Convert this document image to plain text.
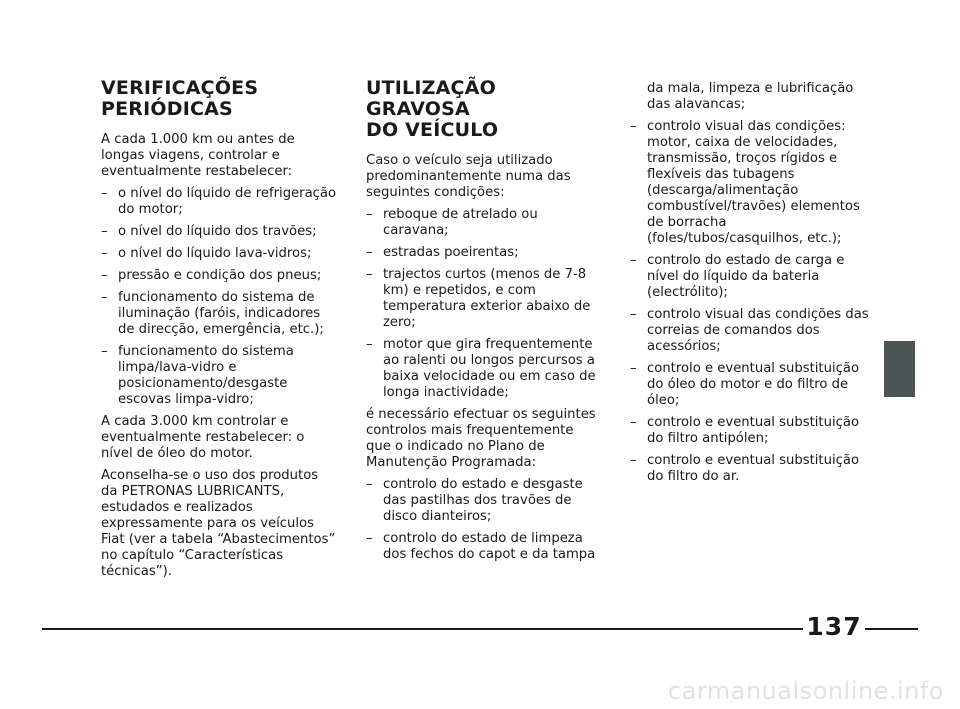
VERIFICAÇÕES
PERIÓDICAS

A cada 1.000 km ou antes de longas viagens, controlar e eventualmente restabelecer:

– o nível do líquido de refrigeração do motor;
– o nível do líquido dos travões;
– o nível do líquido lava-vidros;
– pressão e condição dos pneus;
– funcionamento do sistema de iluminação (faróis, indicadores de direcção, emergência, etc.);
– funcionamento do sistema limpa/lava-vidro e posicionamento/desgaste escovas limpa-vidro;

A cada 3.000 km controlar e eventualmente restabelecer: o nível de óleo do motor.

Aconselha-se o uso dos produtos da PETRONAS LUBRICANTS, estudados e realizados expressamente para os veículos Fiat (ver a tabela “Abastecimentos” no capítulo “Características técnicas”).

UTILIZAÇÃO GRAVOSA
DO VEÍCULO

Caso o veículo seja utilizado predominantemente numa das seguintes condições:

– reboque de atrelado ou caravana;
– estradas poeirentas;
– trajectos curtos (menos de 7-8 km) e repetidos, e com temperatura exterior abaixo de zero;
– motor que gira frequentemente ao ralenti ou longos percursos a baixa velocidade ou em caso de longa inactividade;

é necessário efectuar os seguintes controlos mais frequentemente que o indicado no Plano de Manutenção Programada:

– controlo do estado e desgaste das pastilhas dos travões de disco dianteiros;
– controlo do estado de limpeza dos fechos do capot e da tampa
da mala, limpeza e lubrificação das alavancas;
– controlo visual das condições: motor, caixa de velocidades, transmissão, troços rígidos e flexíveis das tubagens (descarga/alimentação combustível/travões) elementos de borracha (foles/tubos/casquilhos, etc.);
– controlo do estado de carga e nível do líquido da bateria (electrólito);
– controlo visual das condições das correias de comandos dos acessórios;
– controlo e eventual substituição do óleo do motor e do filtro de óleo;
– controlo e eventual substituição do filtro antipólen;
– controlo e eventual substituição do filtro do ar.
137
carmanualsonline.info
